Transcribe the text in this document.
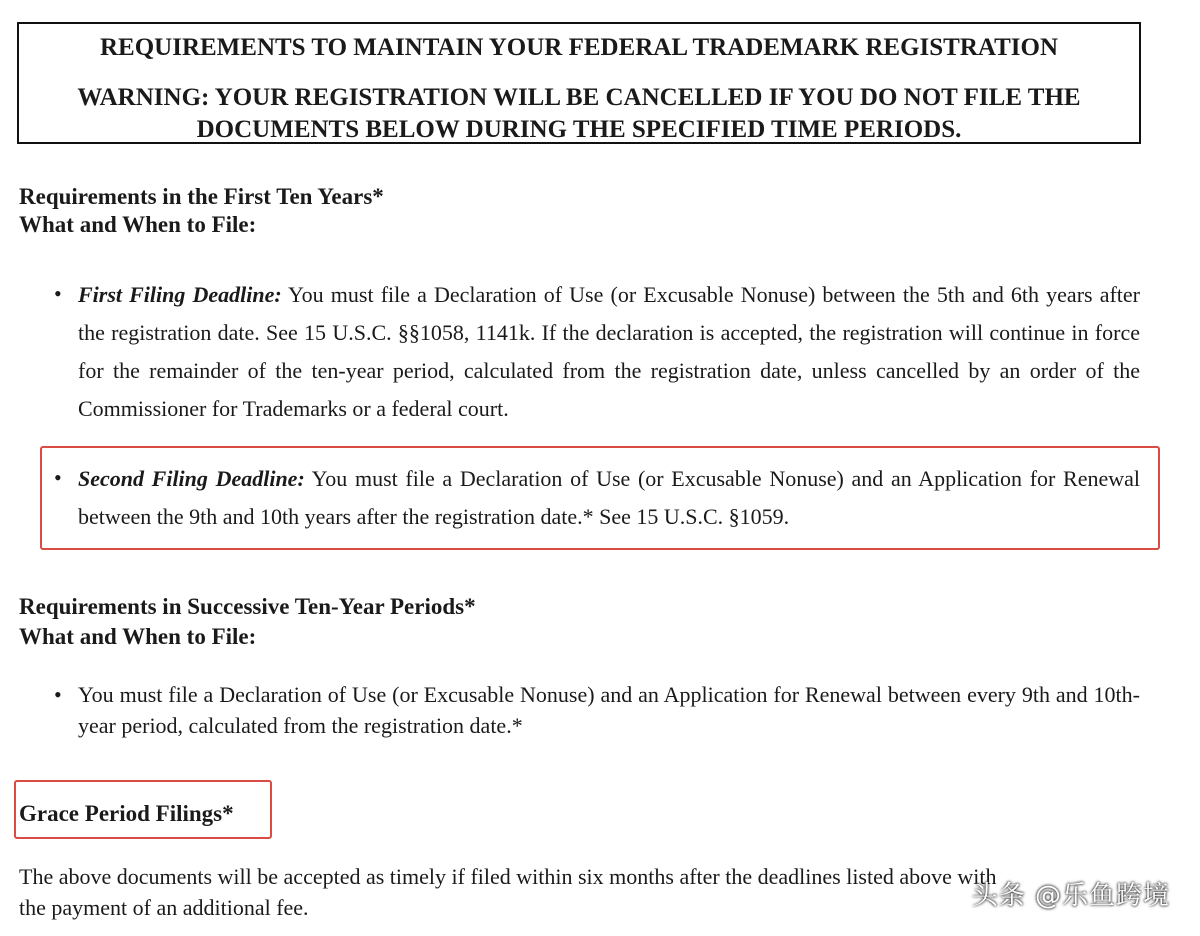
REQUIREMENTS TO MAINTAIN YOUR FEDERAL TRADEMARK REGISTRATION
WARNING: YOUR REGISTRATION WILL BE CANCELLED IF YOU DO NOT FILE THE
DOCUMENTS BELOW DURING THE SPECIFIED TIME PERIODS.
Requirements in the First Ten Years*
What and When to File:
• First Filing Deadline: You must file a Declaration of Use (or Excusable Nonuse) between the 5th and 6th years after the registration date. See 15 U.S.C. §§1058, 1141k. If the declaration is accepted, the registration will continue in force for the remainder of the ten-year period, calculated from the registration date, unless cancelled by an order of the Commissioner for Trademarks or a federal court.
• Second Filing Deadline: You must file a Declaration of Use (or Excusable Nonuse) and an Application for Renewal between the 9th and 10th years after the registration date.* See 15 U.S.C. §1059.
Requirements in Successive Ten-Year Periods*
What and When to File:
• You must file a Declaration of Use (or Excusable Nonuse) and an Application for Renewal between every 9th and 10th-year period, calculated from the registration date.*
Grace Period Filings*
The above documents will be accepted as timely if filed within six months after the deadlines listed above with
the payment of an additional fee.	头条 @乐鱼跨境
